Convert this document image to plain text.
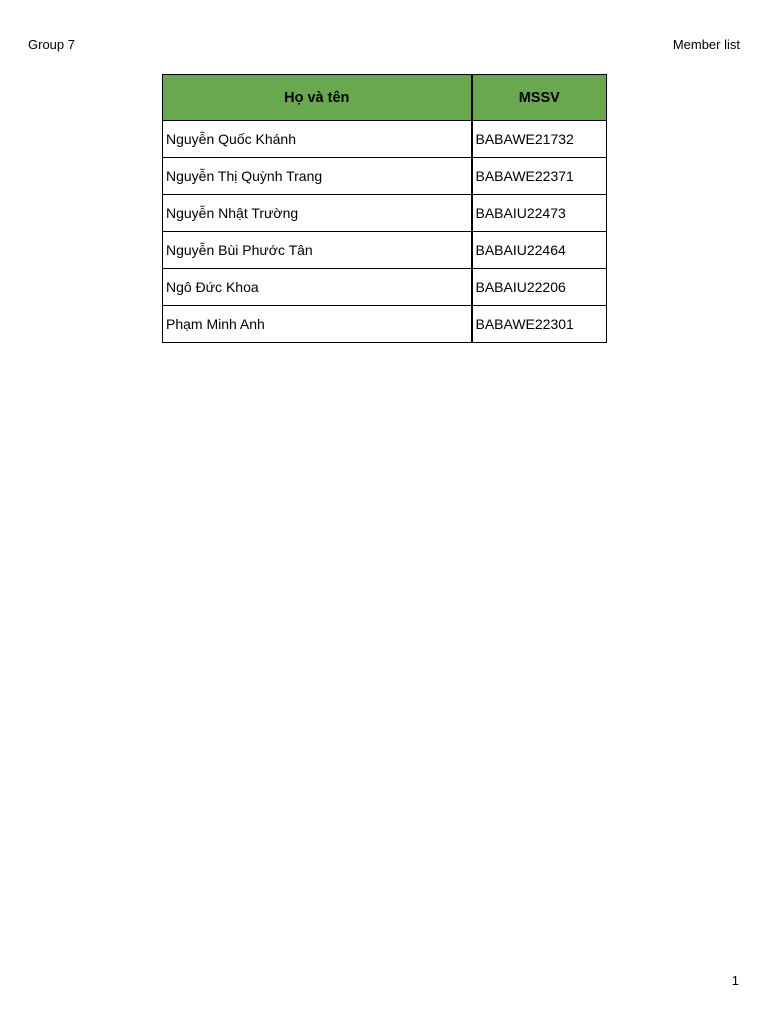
Group 7	Member list
Họ và tên	MSSV
Nguyễn Quốc Khánh	BABAWE21732
Nguyễn Thị Quỳnh Trang	BABAWE22371
Nguyễn Nhật Trường	BABAIU22473
Nguyễn Bùi Phước Tân	BABAIU22464
Ngô Đức Khoa	BABAIU22206
Phạm Minh Anh	BABAWE22301
1
